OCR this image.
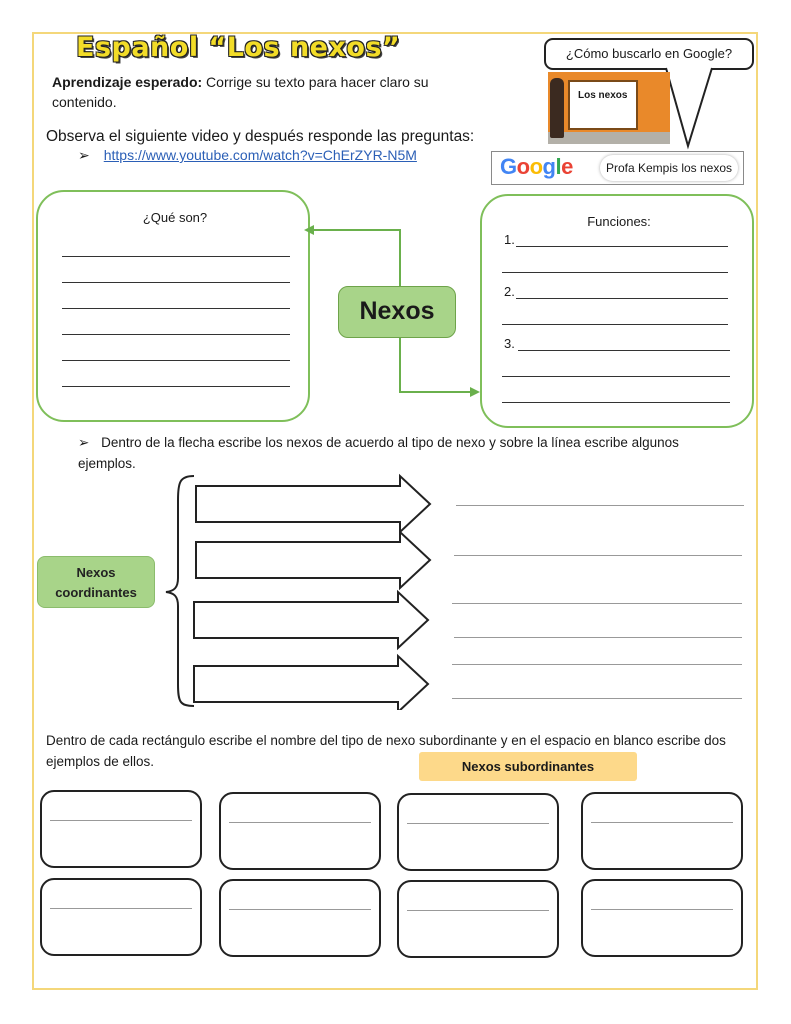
Español “Los nexos”
Aprendizaje esperado: Corrige su texto para hacer claro su contenido.
Observa el siguiente video y después responde las preguntas:
➢ https://www.youtube.com/watch?v=ChErZYR-N5M
¿Cómo buscarlo en Google?
Los nexos
Google	Profa Kempis los nexos
¿Qué son?	Funciones:
1.
2.
3.
Nexos
➢ Dentro de la flecha escribe los nexos de acuerdo al tipo de nexo y sobre la línea escribe algunos ejemplos.
Nexos
coordinantes
Dentro de cada rectángulo escribe el nombre del tipo de nexo subordinante y en el espacio en blanco escribe dos ejemplos de ellos.	Nexos subordinantes
